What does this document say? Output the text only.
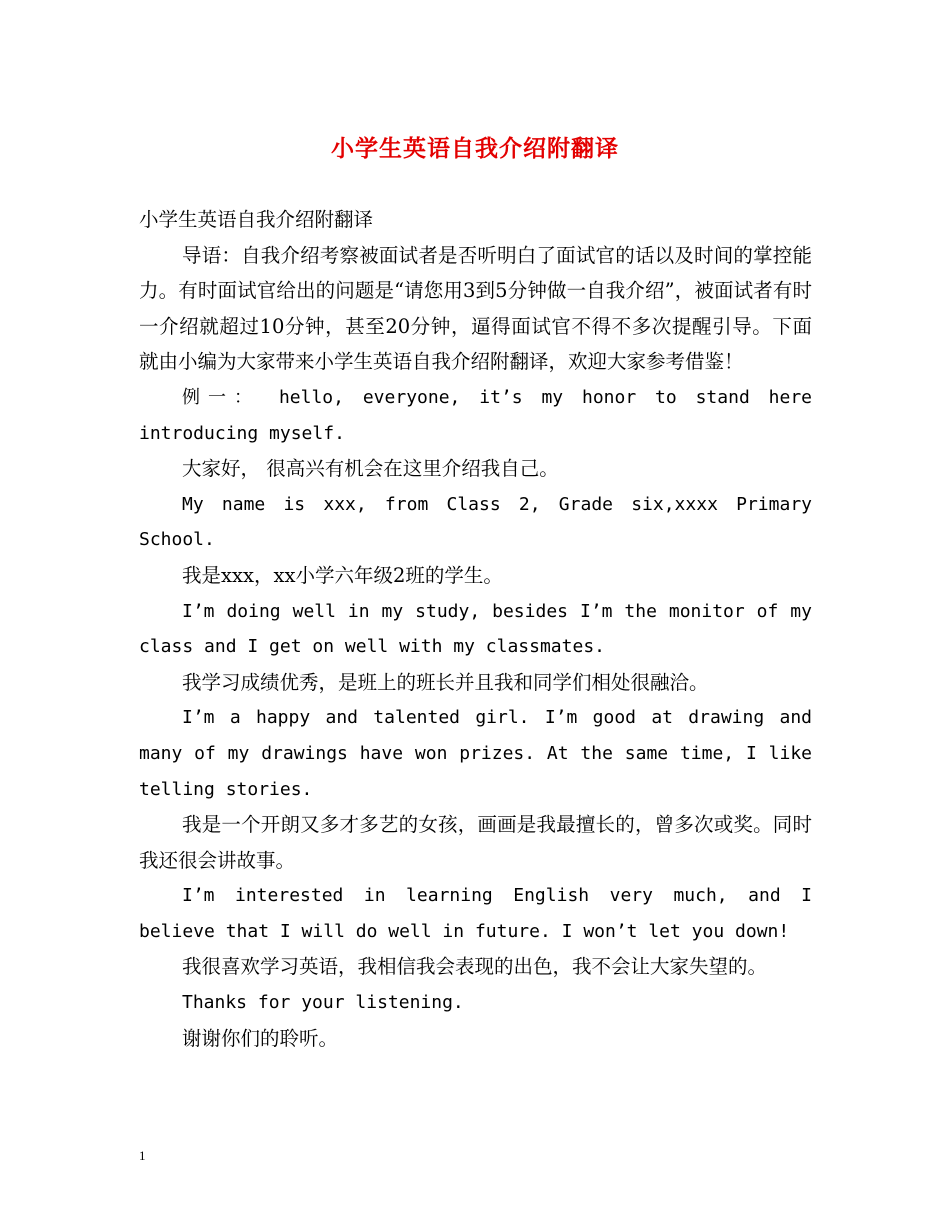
小学生英语自我介绍附翻译

小学生英语自我介绍附翻译

导语：自我介绍考察被面试者是否听明白了面试官的话以及时间的掌控能力。有时面试官给出的问题是“请您用3到5分钟做一自我介绍”，被面试者有时一介绍就超过10分钟，甚至20分钟，逼得面试官不得不多次提醒引导。下面就由小编为大家带来小学生英语自我介绍附翻译，欢迎大家参考借鉴！

例一： hello, everyone, it’s my honor to stand here introducing myself.

大家好， 很高兴有机会在这里介绍我自己。

My name is xxx, from Class 2, Grade six,xxxx Primary School.

我是xxx，xx小学六年级2班的学生。

I’m doing well in my study, besides I’m the monitor of my class and I get on well with my classmates.

我学习成绩优秀，是班上的班长并且我和同学们相处很融洽。

I’m a happy and talented girl. I’m good at drawing and many of my drawings have won prizes. At the same time, I like telling stories.

我是一个开朗又多才多艺的女孩，画画是我最擅长的，曾多次或奖。同时我还很会讲故事。

I’m interested in learning English very much, and I believe that I will do well in future. I won’t let you down!

我很喜欢学习英语，我相信我会表现的出色，我不会让大家失望的。

Thanks for your listening.

谢谢你们的聆听。

1
